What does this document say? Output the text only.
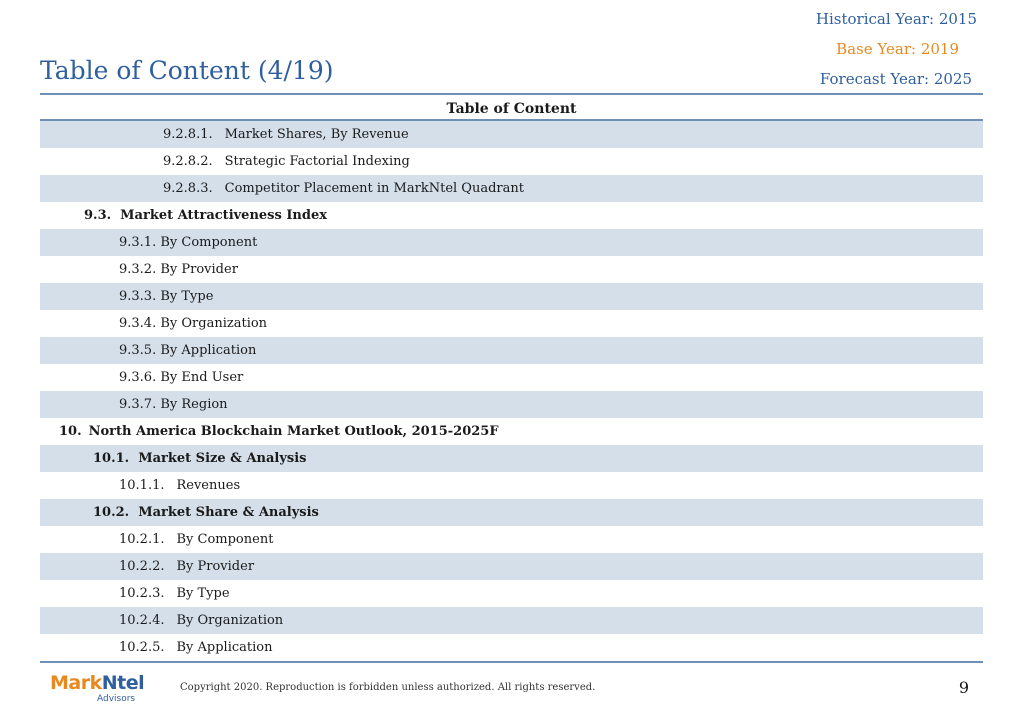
Historical Year: 2015
Base Year: 2019
Forecast Year: 2025
Table of Content (4/19)
Table of Content
9.2.8.1. Market Shares, By Revenue
9.2.8.2. Strategic Factorial Indexing
9.2.8.3. Competitor Placement in MarkNtel Quadrant
9.3. Market Attractiveness Index
9.3.1. By Component
9.3.2. By Provider
9.3.3. By Type
9.3.4. By Organization
9.3.5. By Application
9.3.6. By End User
9.3.7. By Region
10. North America Blockchain Market Outlook, 2015-2025F
10.1. Market Size & Analysis
10.1.1. Revenues
10.2. Market Share & Analysis
10.2.1. By Component
10.2.2. By Provider
10.2.3. By Type
10.2.4. By Organization
10.2.5. By Application
MarkNtel
Advisors
Copyright 2020. Reproduction is forbidden unless authorized. All rights reserved.	9
